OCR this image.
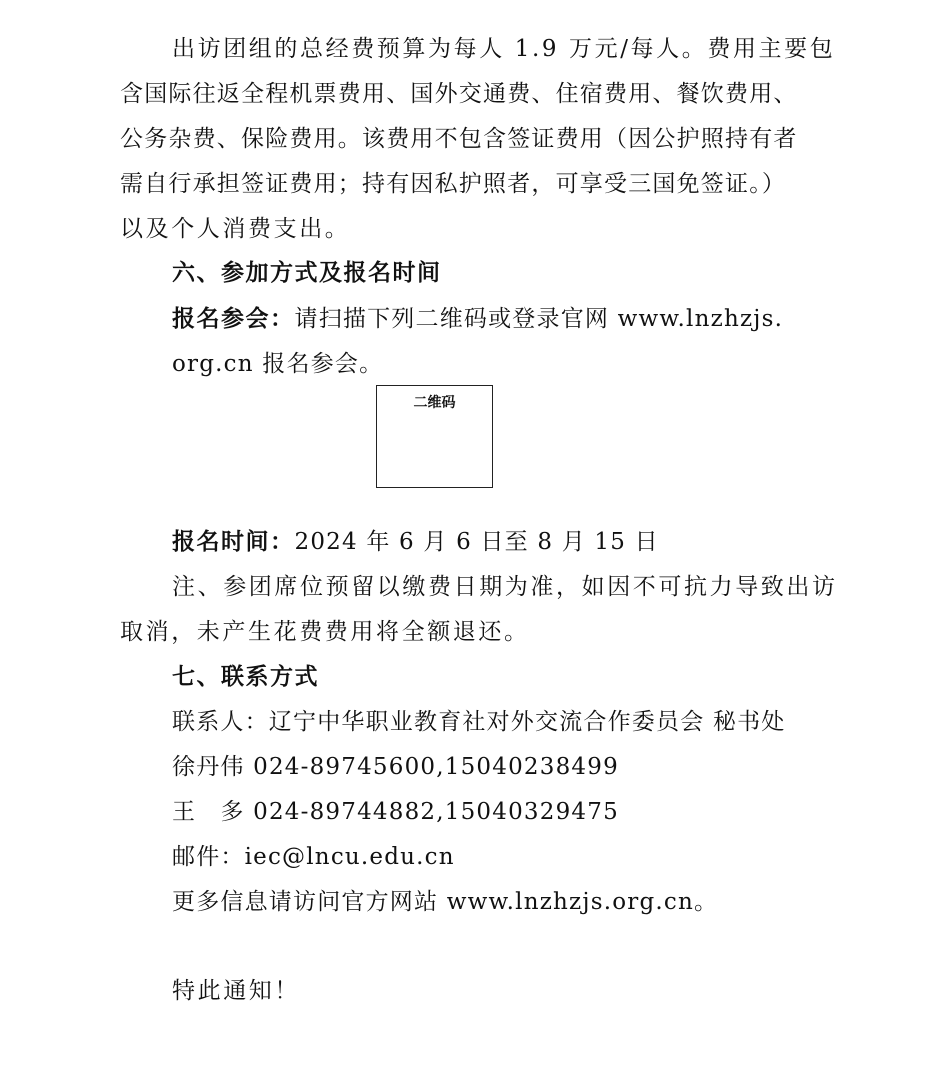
出访团组的总经费预算为每人 1.9 万元/每人。费用主要包
含国际往返全程机票费用、国外交通费、住宿费用、餐饮费用、
公务杂费、保险费用。该费用不包含签证费用（因公护照持有者
需自行承担签证费用；持有因私护照者，可享受三国免签证。）
以及个人消费支出。
六、参加方式及报名时间
报名参会：请扫描下列二维码或登录官网 www.lnzhzjs.
org.cn 报名参会。
二维码
报名时间：2024 年 6 月 6 日至 8 月 15 日
注、参团席位预留以缴费日期为准，如因不可抗力导致出访
取消，未产生花费费用将全额退还。
七、联系方式
联系人：辽宁中华职业教育社对外交流合作委员会 秘书处
徐丹伟 024-89745600,15040238499
王　多 024-89744882,15040329475
邮件：iec@lncu.edu.cn
更多信息请访问官方网站 www.lnzhzjs.org.cn。
特此通知！
